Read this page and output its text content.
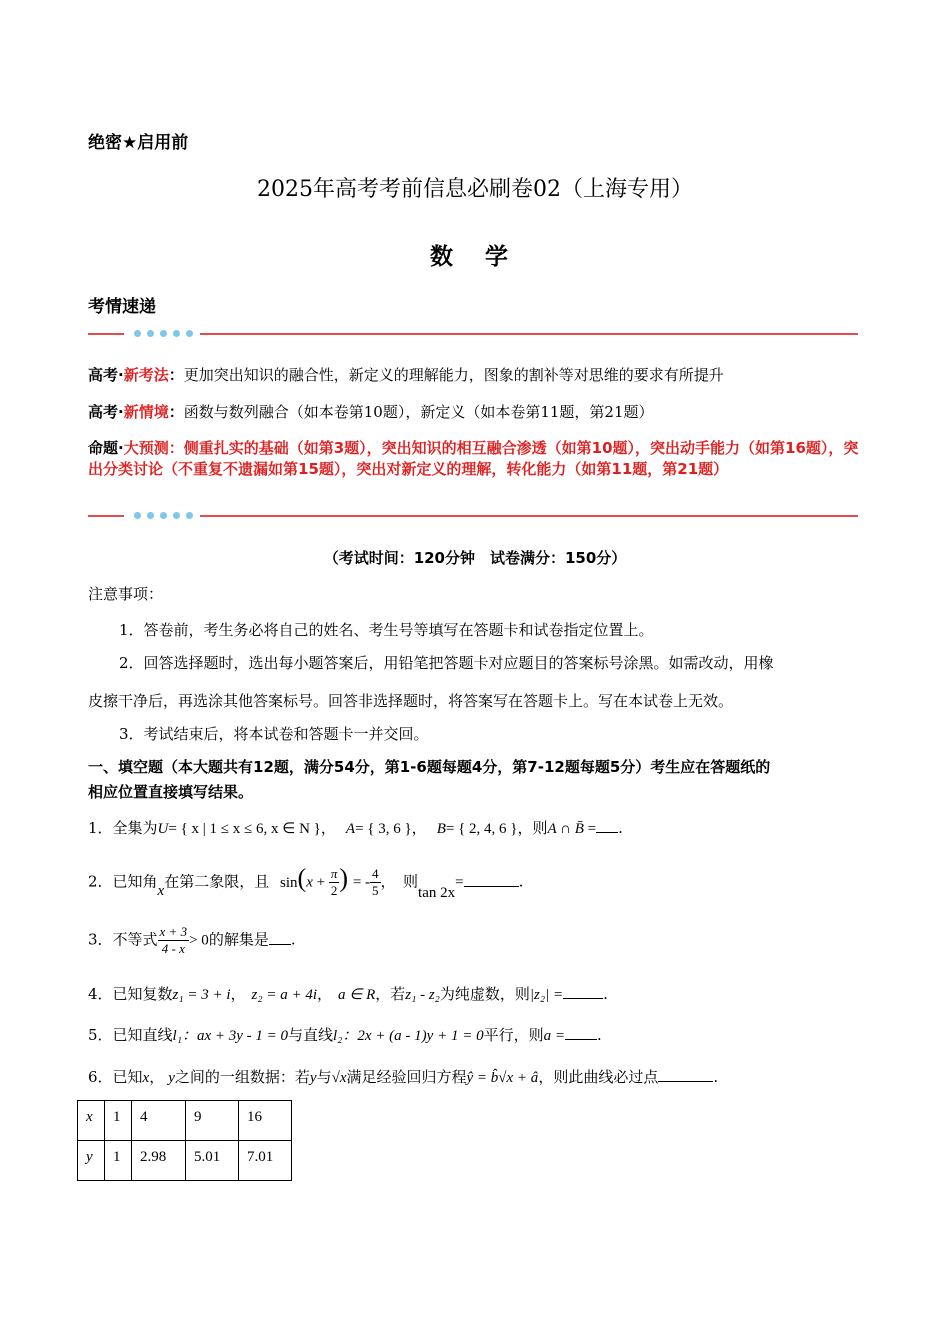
绝密★启用前
2025年高考考前信息必刷卷02（上海专用）
数 学
考情速递
高考·新考法：更加突出知识的融合性，新定义的理解能力，图象的割补等对思维的要求有所提升
高考·新情境：函数与数列融合（如本卷第10题），新定义（如本卷第11题，第21题）
命题·大预测：侧重扎实的基础（如第3题），突出知识的相互融合渗透（如第10题），突出动手能力（如第16题），突出分类讨论（不重复不遗漏如第15题），突出对新定义的理解，转化能力（如第11题，第21题）
（考试时间：120分钟　试卷满分：150分）
注意事项：
1．答卷前，考生务必将自己的姓名、考生号等填写在答题卡和试卷指定位置上。
2．回答选择题时，选出每小题答案后，用铅笔把答题卡对应题目的答案标号涂黑。如需改动，用橡
皮擦干净后，再选涂其他答案标号。回答非选择题时，将答案写在答题卡上。写在本试卷上无效。
3．考试结束后，将本试卷和答题卡一并交回。
一、填空题（本大题共有12题，满分54分，第1-6题每题4分，第7-12题每题5分）考生应在答题纸的
相应位置直接填写结果。
1．全集为U= { x | 1 ≤ x ≤ 6, x ∈ N }， A= { 3, 6 }， B= { 2, 4, 6 }，则A ∩ B̄ = .
2．已知角x在第二象限，且 $\sin(x + \frac{\pi}{2}$ ) = - $\frac{4}{5}$ ，　则tan 2x=	.
3．不等式 $\frac{x + 3}{4 - x} > 0$的解集是 .
4．已知复数z₁ = 3 + i， z₂ = a + 4i， a ∈ R，若z₁ - z₂为纯虚数，则|z₂| =	.
5．已知直线l₁：ax + 3y - 1 = 0与直线l₂：2x + (a - 1)y + 1 = 0平行，则a = .
6．已知x， y之间的一组数据：若y与√x满足经验回归方程ŷ = b̂√x + â，则此曲线必过点	.
x	1	4	9	16
y	1	2.98	5.01	7.01
